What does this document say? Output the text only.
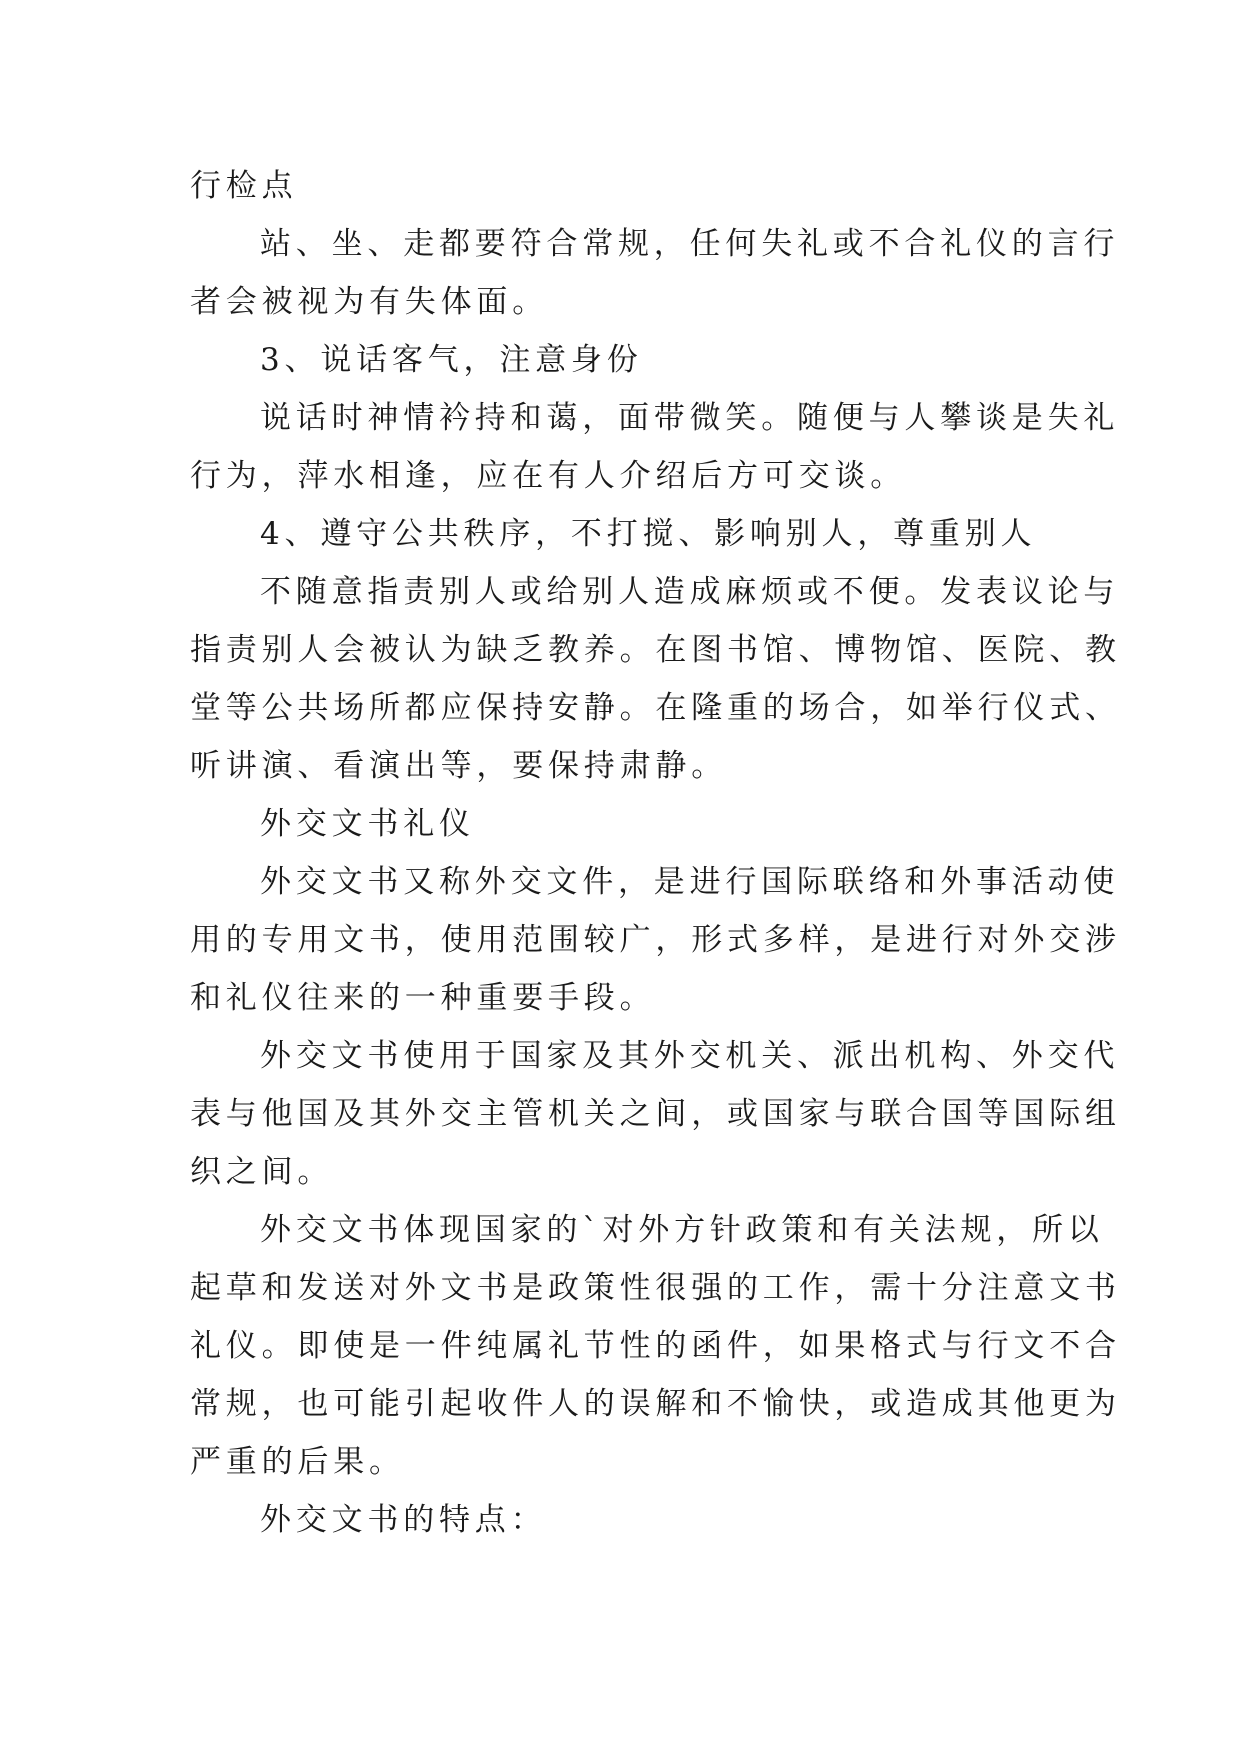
行检点
站、坐、走都要符合常规，任何失礼或不合礼仪的言行
者会被视为有失体面。
3、说话客气，注意身份
说话时神情衿持和蔼，面带微笑。随便与人攀谈是失礼
行为，萍水相逢，应在有人介绍后方可交谈。
4、遵守公共秩序，不打搅、影响别人，尊重别人
不随意指责别人或给别人造成麻烦或不便。发表议论与
指责别人会被认为缺乏教养。在图书馆、博物馆、医院、教
堂等公共场所都应保持安静。在隆重的场合，如举行仪式、
听讲演、看演出等，要保持肃静。
外交文书礼仪
外交文书又称外交文件，是进行国际联络和外事活动使
用的专用文书，使用范围较广，形式多样，是进行对外交涉
和礼仪往来的一种重要手段。
外交文书使用于国家及其外交机关、派出机构、外交代
表与他国及其外交主管机关之间，或国家与联合国等国际组
织之间。
外交文书体现国家的`对外方针政策和有关法规，所以
起草和发送对外文书是政策性很强的工作，需十分注意文书
礼仪。即使是一件纯属礼节性的函件，如果格式与行文不合
常规，也可能引起收件人的误解和不愉快，或造成其他更为
严重的后果。
外交文书的特点：
